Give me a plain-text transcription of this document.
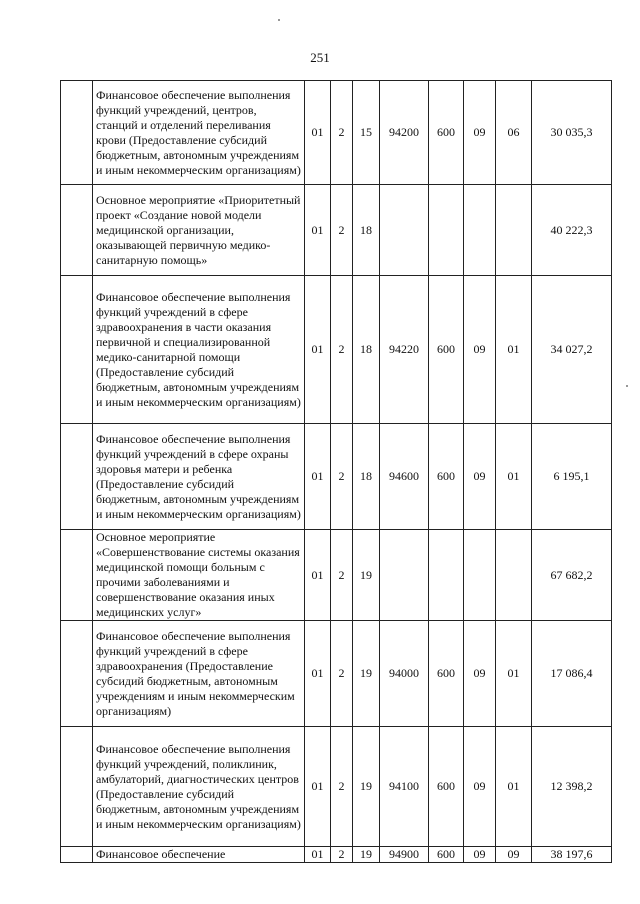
251
	Финансовое обеспечение выполнения функций учреждений, центров, станций и отделений переливания крови (Предоставление субсидий бюджетным, автономным учреждениям и иным некоммерческим организациям)	01	2	15	94200	600	09	06	30 035,3
	Основное мероприятие «Приоритетный проект «Создание новой модели медицинской организации, оказывающей первичную медико-санитарную помощь»	01	2	18					40 222,3
	Финансовое обеспечение выполнения функций учреждений в сфере здравоохранения в части оказания первичной и специализированной медико-санитарной помощи (Предоставление субсидий бюджетным, автономным учреждениям и иным некоммерческим организациям)	01	2	18	94220	600	09	01	34 027,2
	Финансовое обеспечение выполнения функций учреждений в сфере охраны здоровья матери и ребенка (Предоставление субсидий бюджетным, автономным учреждениям и иным некоммерческим организациям)	01	2	18	94600	600	09	01	6 195,1
	Основное мероприятие «Совершенствование системы оказания медицинской помощи больным с прочими заболеваниями и совершенствование оказания иных медицинских услуг»	01	2	19					67 682,2
	Финансовое обеспечение выполнения функций учреждений в сфере здравоохранения (Предоставление субсидий бюджетным, автономным учреждениям и иным некоммерческим организациям)	01	2	19	94000	600	09	01	17 086,4
	Финансовое обеспечение выполнения функций учреждений, поликлиник, амбулаторий, диагностических центров (Предоставление субсидий бюджетным, автономным учреждениям и иным некоммерческим организациям)	01	2	19	94100	600	09	01	12 398,2
	Финансовое обеспечение	01	2	19	94900	600	09	09	38 197,6
